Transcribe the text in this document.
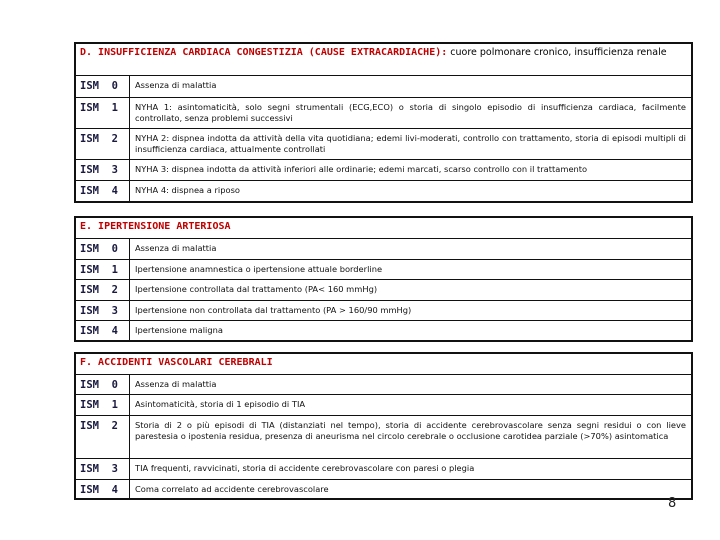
D. INSUFFICIENZA CARDIACA CONGESTIZIA (CAUSE EXTRACARDIACHE): cuore polmonare cronico, insufficienza renale
ISM  0	Assenza di malattia
ISM  1	NYHA 1: asintomaticità, solo segni strumentali (ECG,ECO) o storia di singolo episodio di insufficienza cardiaca, facilmente controllato, senza problemi successivi
ISM  2	NYHA 2: dispnea indotta da attività della vita quotidiana; edemi livi-moderati, controllo con trattamento, storia di episodi multipli di insufficienza cardiaca, attualmente controllati
ISM  3	NYHA 3: dispnea indotta da attività inferiori alle ordinarie; edemi marcati, scarso controllo con il trattamento
ISM  4	NYHA 4: dispnea a riposo
E. IPERTENSIONE ARTERIOSA
ISM  0	Assenza di malattia
ISM  1	Ipertensione anamnestica o ipertensione attuale borderline
ISM  2	Ipertensione controllata dal trattamento (PA< 160 mmHg)
ISM  3	Ipertensione non controllata dal trattamento (PA > 160/90 mmHg)
ISM  4	Ipertensione maligna
F. ACCIDENTI VASCOLARI CEREBRALI
ISM  0	Assenza di malattia
ISM  1	Asintomaticità, storia di 1 episodio di TIA
ISM  2	Storia di 2 o più episodi di TIA (distanziati nel tempo), storia di accidente cerebrovascolare senza segni residui o con lieve parestesia o ipostenia residua, presenza di aneurisma nel circolo cerebrale o occlusione carotidea parziale (>70%) asintomatica
ISM  3	TIA frequenti, ravvicinati, storia di accidente cerebrovascolare con paresi o plegia
ISM  4	Coma correlato ad accidente cerebrovascolare
8
